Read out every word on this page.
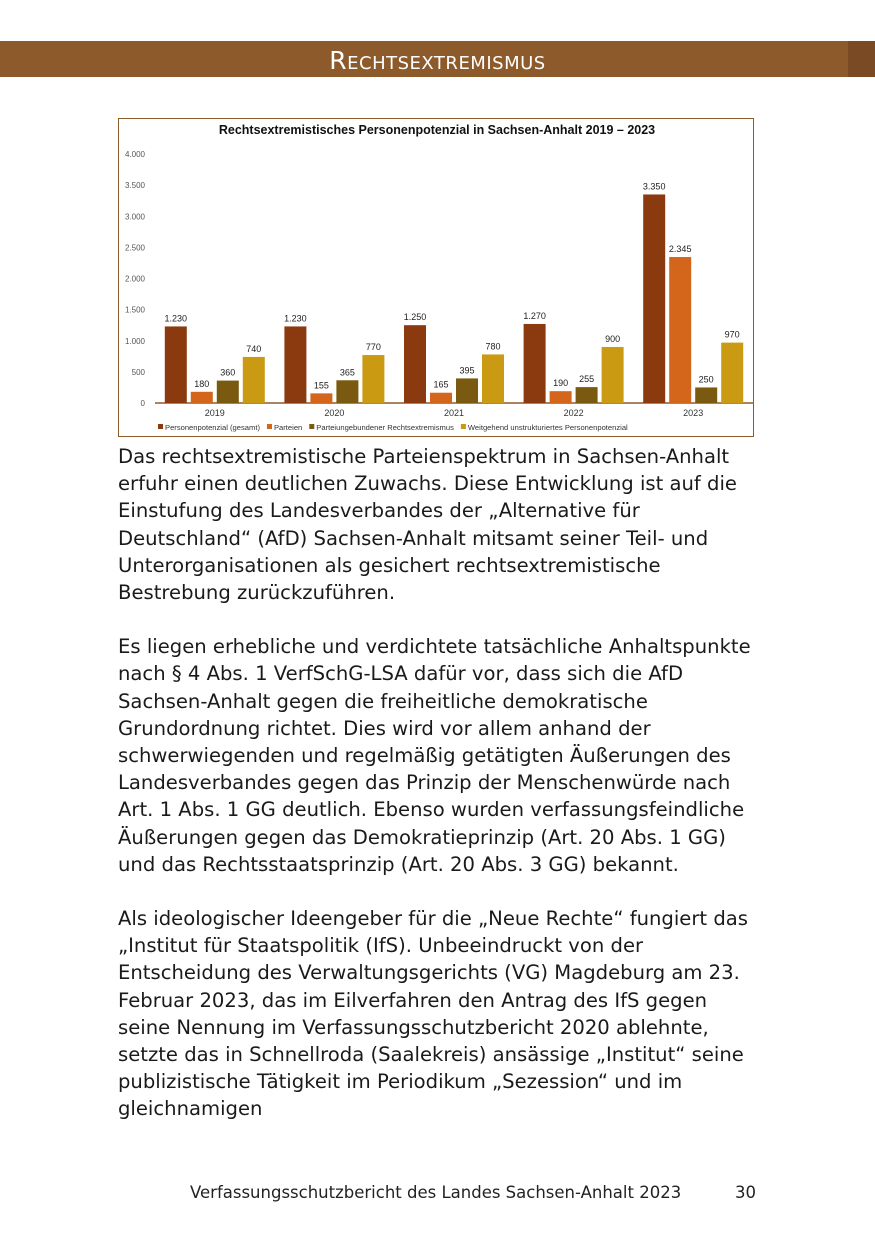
Rechtsextremismus
Rechtsextremistisches Personenpotenzial in Sachsen-Anhalt 2019 – 2023
0
500
1.000
1.500
2.000
2.500
3.000
3.500
4.000
1.230
180
360
740
2019
1.230
155
365
770
2020
1.250
165
395
780
2021
1.270
190 255
900
2022
3.350
2.345
250
970
2023
Personenpotenzial (gesamt) Parteien Parteiungebundener Rechtsextremismus Weitgehend unstrukturiertes Personenpotenzial

Das rechtsextremistische Parteienspektrum in Sachsen-Anhalt erfuhr einen deutlichen Zuwachs. Diese Entwicklung ist auf die Einstufung des Landesverbandes der „Alternative für Deutschland“ (AfD) Sachsen-Anhalt mitsamt seiner Teil- und Unterorganisationen als gesichert rechtsextremistische Bestrebung zurückzuführen.

Es liegen erhebliche und verdichtete tatsächliche Anhaltspunkte nach § 4 Abs. 1 VerfSchG-LSA dafür vor, dass sich die AfD Sachsen-Anhalt gegen die freiheitliche demokratische Grundordnung richtet. Dies wird vor allem anhand der schwerwiegenden und regelmäßig getätigten Äußerungen des Landesverbandes gegen das Prinzip der Menschenwürde nach Art. 1 Abs. 1 GG deutlich. Ebenso wurden verfassungsfeindliche Äußerungen gegen das Demokratieprinzip (Art. 20 Abs. 1 GG) und das Rechtsstaatsprinzip (Art. 20 Abs. 3 GG) bekannt.

Als ideologischer Ideengeber für die „Neue Rechte“ fungiert das „Institut für Staatspolitik (IfS). Unbeeindruckt von der Entscheidung des Verwaltungsgerichts (VG) Magdeburg am 23. Februar 2023, das im Eilverfahren den Antrag des IfS gegen seine Nennung im Verfassungsschutzbericht 2020 ablehnte, setzte das in Schnellroda (Saalekreis) ansässige „Institut“ seine publizistische Tätigkeit im Periodikum „Sezession“ und im gleichnamigen

Verfassungsschutzbericht des Landes Sachsen-Anhalt 2023	30
